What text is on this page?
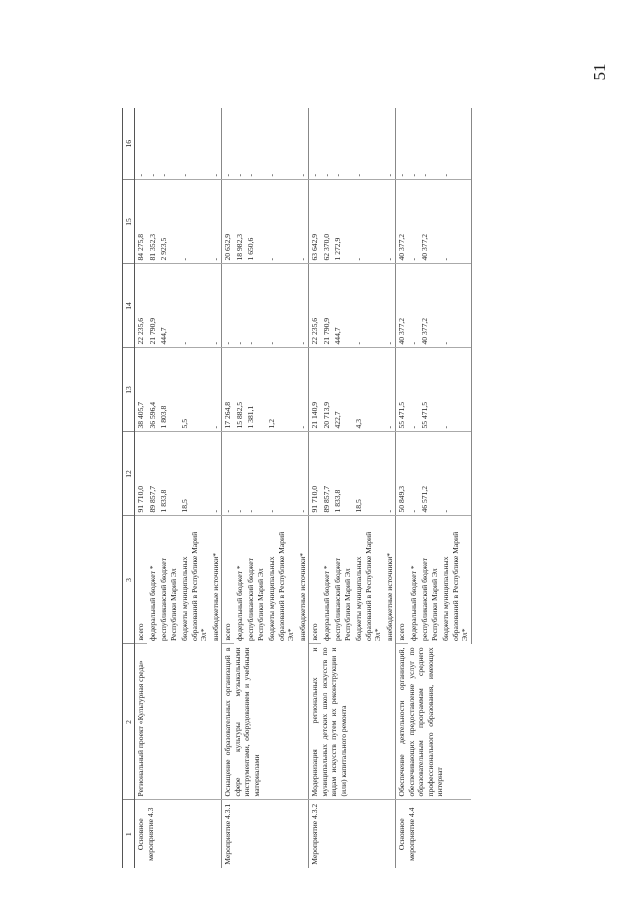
51
1	2	3	12	13	14	15	16
Основное мероприятие 4.3	Региональный проект «Культурная среда»	всего	91 710,0	38 405,7	22 235,6	84 275,8	-
		федеральный бюджет *	89 857,7	36 596,4	21 790,9	81 352,3	-
		республиканский бюджет Республики Марий Эл	1 833,8	1 803,8	444,7	2 923,5	-
		бюджеты муниципальных образований в Республике Марий Эл*	18,5	5,5	-	-	-
		внебюджетные источники*	-	-	-	-	-
Мероприятие 4.3.1	Оснащение образовательных организаций в сфере культуры музыкальными инструментами, оборудованием и учебными материалами	всего	-	17 264,8	-	20 632,9	-
		федеральный бюджет *	-	15 882,5	-	18 982,3	-
		республиканский бюджет Республики Марий Эл	-	1 381,1	-	1 650,6	-
		бюджеты муниципальных образований в Республике Марий Эл*	-	1,2	-	-	-
		внебюджетные источники*	-	-	-	-	-
Мероприятие 4.3.2	Модернизация региональных и муниципальных детских школ искусств по видам искусств путем их реконструкции и (или) капитального ремонта	всего	91 710,0	21 140,9	22 235,6	63 642,9	-
		федеральный бюджет *	89 857,7	20 713,9	21 790,9	62 370,0	-
		республиканский бюджет Республики Марий Эл	1 833,8	422,7	444,7	1 272,9	-
		бюджеты муниципальных образований в Республике Марий Эл*	18,5	4,3	-	-	-
		внебюджетные источники*	-	-	-	-	-
Основное мероприятие 4.4	Обеспечение деятельности организаций, обеспечивающих предоставление услуг по образовательным программам среднего профессионального образования, имеющих интернат	всего	50 849,3	55 471,5	40 377,2	40 377,2	-
		федеральный бюджет *	-	-	-	-	-
		республиканский бюджет Республики Марий Эл	46 571,2	55 471,5	40 377,2	40 377,2	-
		бюджеты муниципальных образований в Республике Марий Эл*	-	-	-	-	-
